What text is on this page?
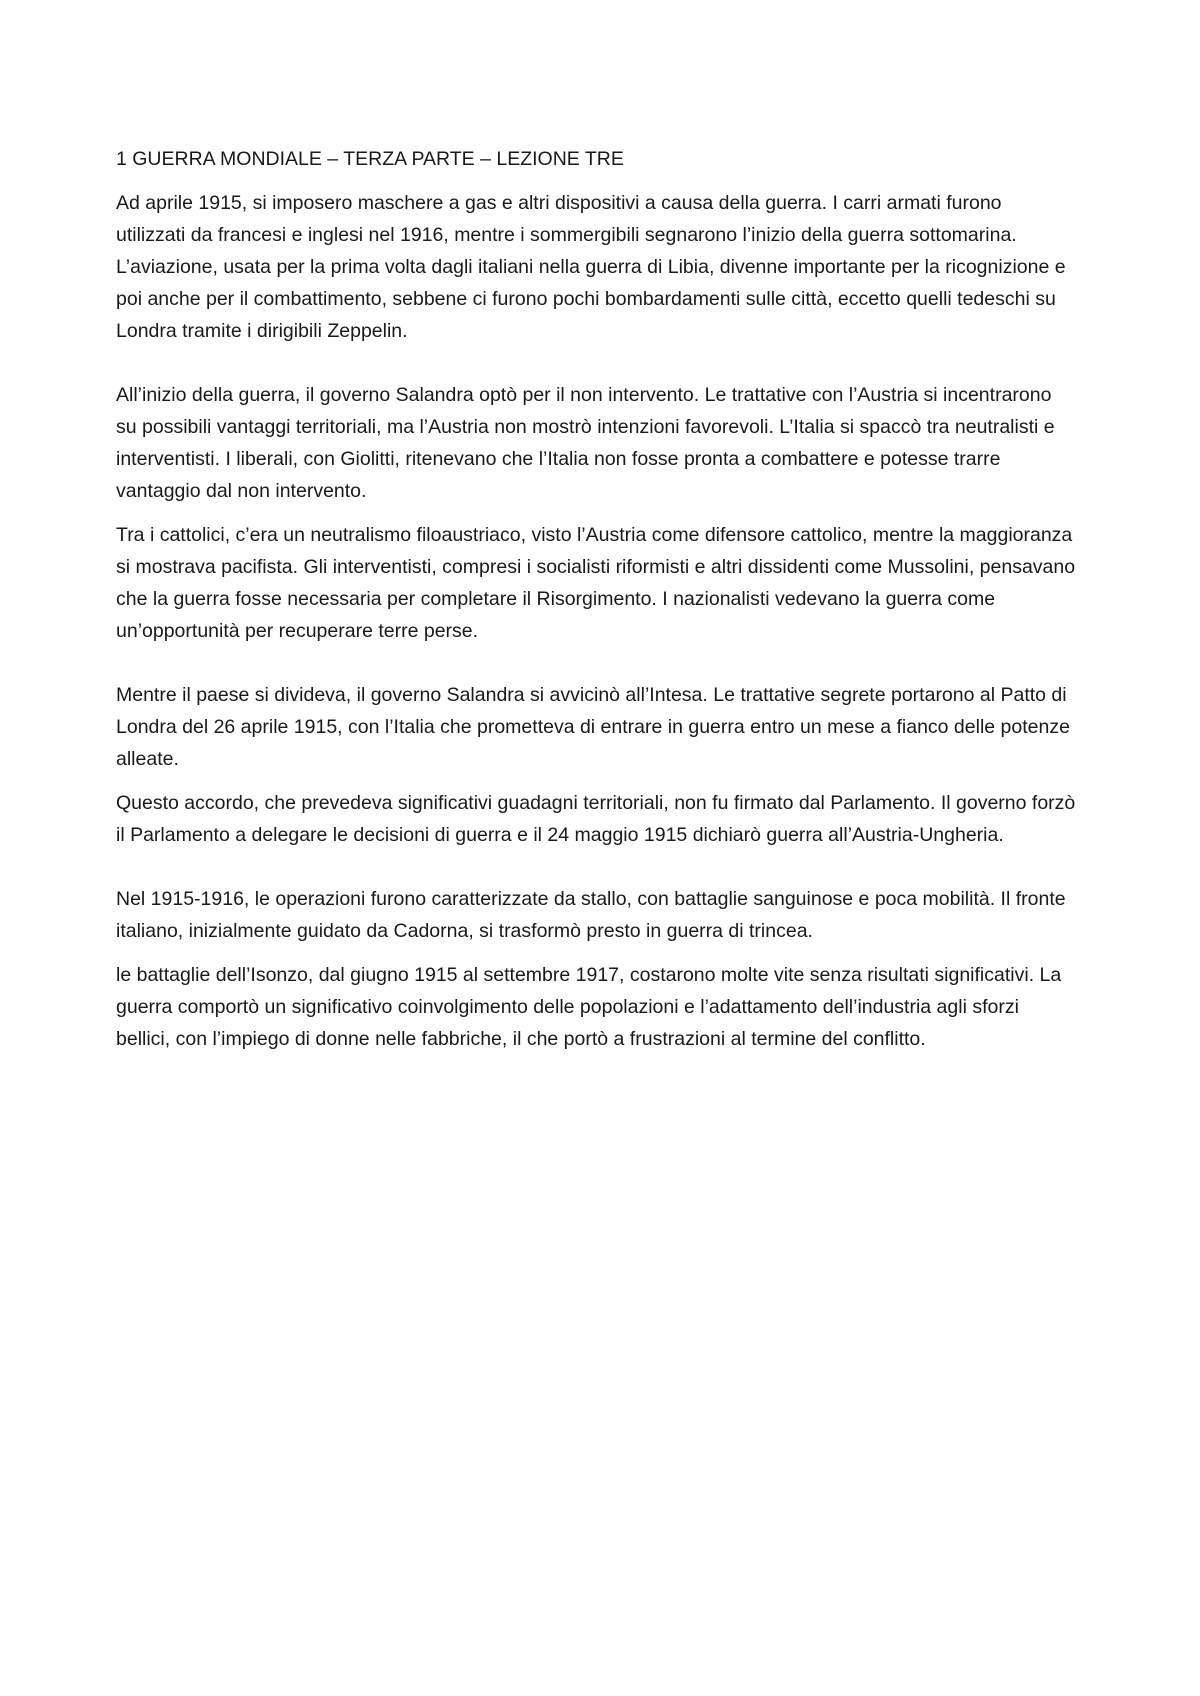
1 GUERRA MONDIALE – TERZA PARTE – LEZIONE TRE

Ad aprile 1915, si imposero maschere a gas e altri dispositivi a causa della guerra. I carri armati furono utilizzati da francesi e inglesi nel 1916, mentre i sommergibili segnarono l’inizio della guerra sottomarina. L’aviazione, usata per la prima volta dagli italiani nella guerra di Libia, divenne importante per la ricognizione e poi anche per il combattimento, sebbene ci furono pochi bombardamenti sulle città, eccetto quelli tedeschi su Londra tramite i dirigibili Zeppelin.

All’inizio della guerra, il governo Salandra optò per il non intervento. Le trattative con l’Austria si incentrarono su possibili vantaggi territoriali, ma l’Austria non mostrò intenzioni favorevoli. L’Italia si spaccò tra neutralisti e interventisti. I liberali, con Giolitti, ritenevano che l’Italia non fosse pronta a combattere e potesse trarre vantaggio dal non intervento.

Tra i cattolici, c’era un neutralismo filoaustriaco, visto l’Austria come difensore cattolico, mentre la maggioranza si mostrava pacifista. Gli interventisti, compresi i socialisti riformisti e altri dissidenti come Mussolini, pensavano che la guerra fosse necessaria per completare il Risorgimento. I nazionalisti vedevano la guerra come un’opportunità per recuperare terre perse.

Mentre il paese si divideva, il governo Salandra si avvicinò all’Intesa. Le trattative segrete portarono al Patto di Londra del 26 aprile 1915, con l’Italia che prometteva di entrare in guerra entro un mese a fianco delle potenze alleate.

Questo accordo, che prevedeva significativi guadagni territoriali, non fu firmato dal Parlamento. Il governo forzò il Parlamento a delegare le decisioni di guerra e il 24 maggio 1915 dichiarò guerra all’Austria-Ungheria.

Nel 1915-1916, le operazioni furono caratterizzate da stallo, con battaglie sanguinose e poca mobilità. Il fronte italiano, inizialmente guidato da Cadorna, si trasformò presto in guerra di trincea.

le battaglie dell’Isonzo, dal giugno 1915 al settembre 1917, costarono molte vite senza risultati significativi. La guerra comportò un significativo coinvolgimento delle popolazioni e l’adattamento dell’industria agli sforzi bellici, con l’impiego di donne nelle fabbriche, il che portò a frustrazioni al termine del conflitto.
